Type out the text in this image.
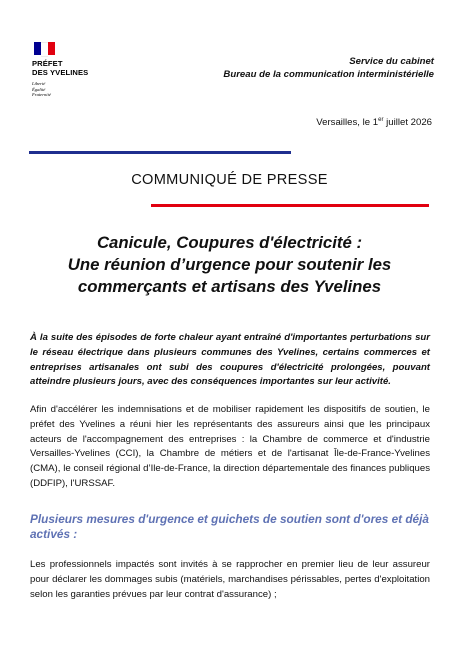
PRÉFET
DES YVELINES
Liberté
Égalité
Fraternité
Service du cabinet
Bureau de la communication interministérielle
Versailles, le 1er juillet 2026
COMMUNIQUÉ DE PRESSE
Canicule, Coupures d'électricité :
Une réunion d’urgence pour soutenir les
commerçants et artisans des Yvelines
À la suite des épisodes de forte chaleur ayant entraîné d'importantes perturbations sur le réseau électrique dans plusieurs communes des Yvelines, certains commerces et entreprises artisanales ont subi des coupures d'électricité prolongées, pouvant atteindre plusieurs jours, avec des conséquences importantes sur leur activité.
Afin d'accélérer les indemnisations et de mobiliser rapidement les dispositifs de soutien, le préfet des Yvelines a réuni hier les représentants des assureurs ainsi que les principaux acteurs de l'accompagnement des entreprises : la Chambre de commerce et d'industrie Versailles-Yvelines (CCI), la Chambre de métiers et de l'artisanat Île-de-France-Yvelines (CMA), le conseil régional d’Ile-de-France, la direction départementale des finances publiques (DDFIP), l'URSSAF.
Plusieurs mesures d'urgence et guichets de soutien sont d'ores et déjà activés :
Les professionnels impactés sont invités à se rapprocher en premier lieu de leur assureur pour déclarer les dommages subis (matériels, marchandises périssables, pertes d'exploitation selon les garanties prévues par leur contrat d'assurance) ;
